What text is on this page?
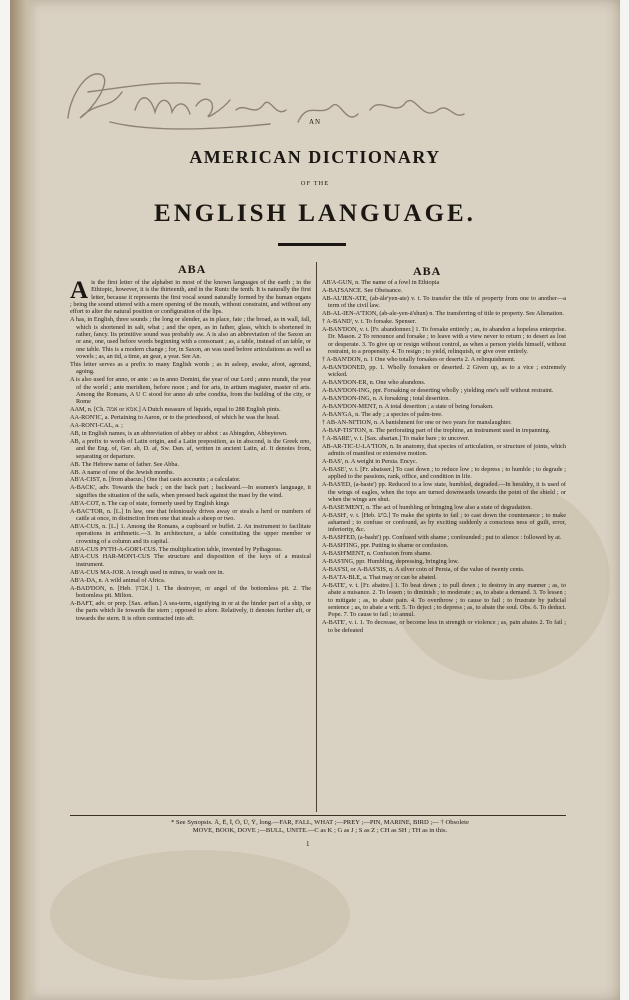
AN
AMERICAN DICTIONARY
OF THE
ENGLISH LANGUAGE.
ABA	ABA

Ais the first letter of the alphabet in most of the known languages of the earth ; in the Ethiopic, however, it is the thirteenth, and in the Runic the tenth. It is naturally the first letter, because it represents the first vocal sound naturally formed by the human organs ; being the sound uttered with a mere opening of the mouth, without constraint, and without any effort to alter the natural position or configuration of the lips.

A has, in English, three sounds ; the long or slender, as in place, fate ; the broad, as in wall, fall, which is shortened in salt, what ; and the open, as in father, glass, which is shortened in rather, fancy. Its primitive sound was probably aw. A is also an abbreviation of the Saxon an or ane, one, used before words beginning with a consonant ; as, a table, instead of an table, or one table. This is a modern change ; for, in Saxon, an was used before articulations as well as vowels ; as, an tid, a time, an gear, a year. See An.

This letter serves as a prefix to many English words ; as in asleep, awake, afoot, aground, agoing.

A is also used for anno, or ante : as in anno Domini, the year of our Lord ; anno mundi, the year of the world ; ante meridiem, before noon ; and for arts, in artium magister, master of arts. Among the Romans, A U C stood for anno ab urbe condita, from the building of the city, or Rome

AAM, n. [Ch. אמה or אמא.] A Dutch measure of liquids, equal to 288 English pints.

AA-RON'IC, a. Pertaining to Aaron, or to the priesthood, of which he was the head.

AA-RON'I-CAL, a. ;

AB, in English names, is an abbreviation of abbey or abbot : as Abingdon, Abbeytown.

AB, a prefix to words of Latin origin, and a Latin preposition, as in abscond, is the Greek απο, and the Eng. of, Ger. ab, D. af, Sw. Dan. af, written in ancient Latin, af. It denotes from, separating or departure.

AB. The Hebrew name of father. See Abba.

AB. A name of one of the Jewish months.

AB'A-CIST, n. [from abacus.] One that casts accounts ; a calculator.

A-BACK', adv. Towards the back ; on the back part ; backward.—In seamen's language, it signifies the situation of the sails, when pressed back against the mast by the wind.

AB'A-COT, n. The cap of state, formerly used by English kings

A-BAC'TOR, n. [L.] In law, one that feloniously drives away or steals a herd or numbers of cattle at once, in distinction from one that steals a sheep or two.

AB'A-CUS, n. [L.] 1. Among the Romans, a cupboard or buffet. 2. An instrument to facilitate operations in arithmetic.—3. In architecture, a table constituting the upper member or crowning of a column and its capital.

AB'A-CUS PYTH-A-GOR'I-CUS. The multiplication table, invented by Pythagoras.

AB'A-CUS HAR-MON'I-CUS The structure and disposition of the keys of a musical instrument.

AB'A-CUS MA-JOR. A trough used in mines, to wash ore in.

AB'A-DA, n. A wild animal of Africa.

A-BAD'DON, n. [Heb. אבדון.] 1. The destroyer, or angel of the bottomless pit. 2. The bottomless pit. Milton.

A-BAFT, adv. or prep. [Sax. æftan.] A sea-term, signifying in or at the hinder part of a ship, or the parts which lie towards the stern ; opposed to afore. Relatively, it denotes further aft, or towards the stern. It is often contracted into aft.

AB'A-GUN, n. The name of a fowl in Ethiopia

A-BAI'SANCE. See Obeisance.

AB-AL'IEN-ATE, (ab-āle'yen-ate) v. t. To transfer the title of property from one to another—a term of the civil law.

AB-AL-IEN-A'TION, (ab-ale-yen-ā'shun) n. The transferring of title to property. See Alienation.

† A-BAND', v. t. To forsake. Spenser.

A-BAN'DON, v. t. [Fr. abandonner.] 1. To forsake entirely ; as, to abandon a hopeless enterprise. Dr. Mason. 2 To renounce and forsake ; to leave with a view never to return ; to desert as lost or desperate. 3. To give up or resign without control, as when a person yields himself, without restraint, to a propensity. 4. To resign ; to yield, relinquish, or give over entirely.

† A-BAN'DON, n. 1 One who totally forsakes or deserts 2. A relinquishment.

A-BAN'DONED, pp. 1. Wholly forsaken or deserted. 2 Given up, as to a vice ; extremely wicked.

A-BAN'DON-ER, n. One who abandons.

A-BAN'DON-ING, ppr. Forsaking or deserting wholly ; yielding one's self without restraint.

A-BAN'DON-ING, n. A forsaking ; total desertion.

A-BAN'DON-MENT, n. A total desertion ; a state of being forsaken.

A-BAN'GA, n. The ady ; a species of palm-tree.

† AB-AN-NI'TION, n. A banishment for one or two years for manslaughter.

A-BAP-TIS'TON, n. The perforating part of the trephine, an instrument used in trepanning.

† A-BARE', v. t. [Sax. abarian.] To make bare ; to uncover.

AB-AR-TIC-U-LA'TION, n. In anatomy, that species of articulation, or structure of joints, which admits of manifest or extensive motion.

A-BAS', n. A weight in Persia. Encyc.

A-BASE', v. t. [Fr. abaisser.] To cast down ; to reduce low ; to depress ; to humble ; to degrade ; applied to the passions, rank, office, and condition in life.

A-BAS'ED, (a-baste') pp. Reduced to a low state, humbled, degraded.—In heraldry, it is used of the wings of eagles, when the tops are turned downwards towards the point of the shield ; or when the wings are shut.

A-BASE'MENT, n. The act of humbling or bringing low also a state of degradation.

A-BASH', v. t. [Heb. בוש.] To make the spirits to fail ; to cast down the countenance ; to make ashamed ; to confuse or confound, as by exciting suddenly a conscious ness of guilt, error, inferiority, &c.

A-BASH'ED, (a-basht') pp. Confused with shame ; confounded ; put to silence : followed by at.

A-BASH'ING, ppr. Putting to shame or confusion.

A-BASH'MENT, n. Confusion from shame.

A-BAS'ING, ppr. Humbling, depressing, bringing low.

A-BAS'SI, or A-BAS'SIS, n. A silver coin of Persia, of the value of twenty cents.

A-BA'TA-BLE, a. That may or can be abated.

A-BATE', v. t. [Fr. abattre.] 1. To beat down ; to pull down ; to destroy in any manner ; as, to abate a nuisance. 2. To lessen ; to diminish ; to moderate ; as, to abate a demand. 3. To lessen ; to mitigate ; as, to abate pain. 4. To overthrow ; to cause to fail ; to frustrate by judicial sentence ; as, to abate a writ. 5. To deject ; to depress ; as, to abate the soul. Obs. 6. To deduct. Pope. 7. To cause to fail ; to annul.

A-BATE', v. i. 1. To decrease, or become less in strength or violence ; as, pain abates 2. To fail ; to be defeated

* See Synopsis. Ā, Ē, Ī, Ō, Ū, Ȳ, long.—FAR, FALL, WHAT ;—PREY ;—PIN, MARINE, BIRD ;— † Obsolete
MOVE, BOOK, DOVE ;—BULL, UNITE.—C as K ; G as J ; S as Z ; CH as SH ; TH as in this.
1
